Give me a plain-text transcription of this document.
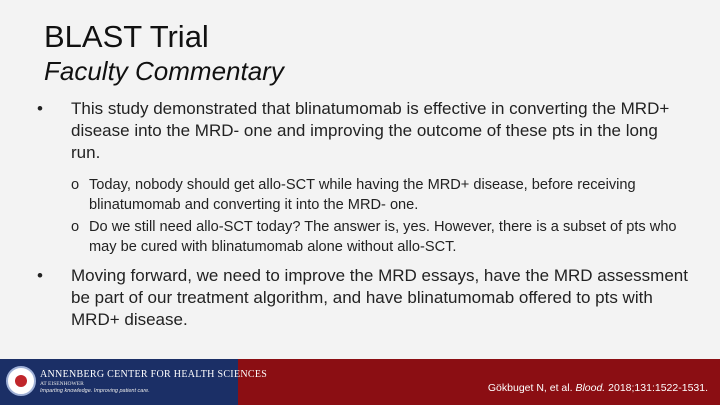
BLAST Trial
Faculty Commentary
•	This study demonstrated that blinatumomab is effective in converting the MRD+ disease into the MRD- one and improving the outcome of these pts in the long run.
o Today, nobody should get allo-SCT while having the MRD+ disease, before receiving blinatumomab and converting it into the MRD- one.
o Do we still need allo-SCT today? The answer is, yes. However, there is a subset of pts who may be cured with blinatumomab alone without allo-SCT.
•	Moving forward, we need to improve the MRD essays, have the MRD assessment be part of our treatment algorithm, and have blinatumomab offered to pts with MRD+ disease.
ANNENBERG CENTER FOR HEALTH SCIENCES
AT EISENHOWER
Imparting knowledge. Improving patient care.	Gökbuget N, et al. Blood. 2018;131:1522-1531.
